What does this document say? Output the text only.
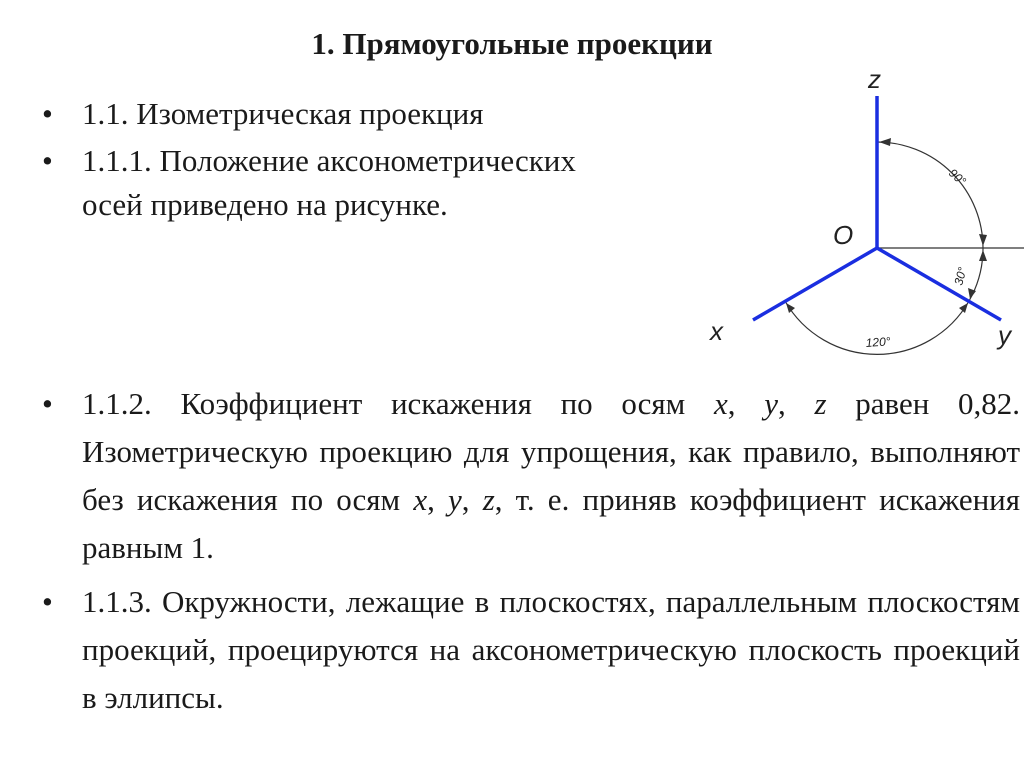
1. Прямоугольные проекции
• 1.1. Изометрическая проекция
• 1.1.1. Положение аксонометрических осей приведено на рисунке.
z
x	y
O
90°
30°
120°
• 1.1.2. Коэффициент искажения по осям x, y, z равен 0,82. Изометрическую проекцию для упрощения, как правило, выполняют без искажения по осям x, y, z, т. е. приняв коэффициент искажения равным 1.
• 1.1.3. Окружности, лежащие в плоскостях, параллельным плоскостям проекций, проецируются на аксонометрическую плоскость проекций в эллипсы.
